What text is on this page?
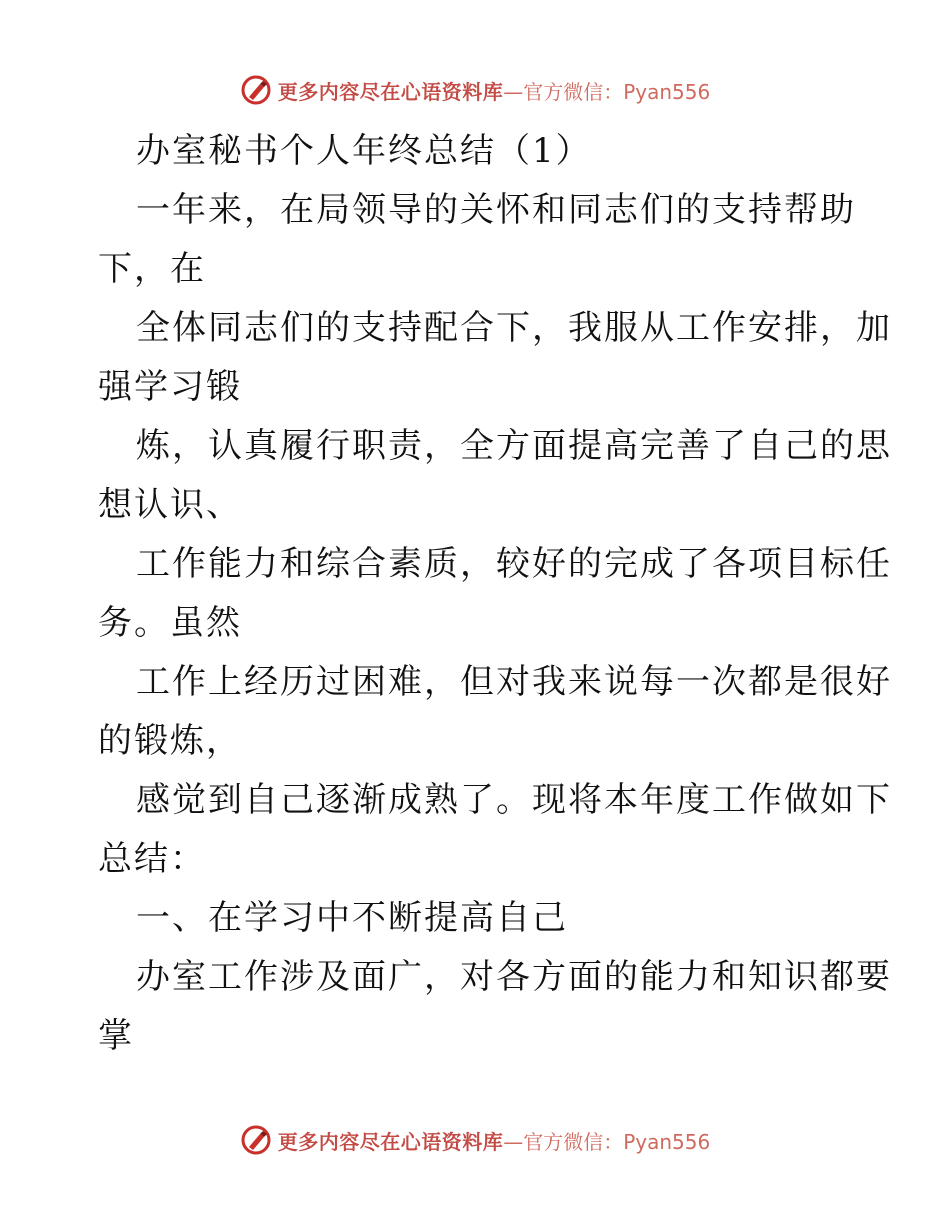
更多内容尽在心语资料库 —官方微信：Pyan556
办室秘书个人年终总结（1）
一年来，在局领导的关怀和同志们的支持帮助
下，在
全体同志们的支持配合下，我服从工作安排，加
强学习锻
炼，认真履行职责，全方面提高完善了自己的思
想认识、
工作能力和综合素质，较好的完成了各项目标任
务。虽然
工作上经历过困难，但对我来说每一次都是很好
的锻炼，
感觉到自己逐渐成熟了。现将本年度工作做如下
总结：
一、在学习中不断提高自己
办室工作涉及面广，对各方面的能力和知识都要
掌
更多内容尽在心语资料库 —官方微信：Pyan556
